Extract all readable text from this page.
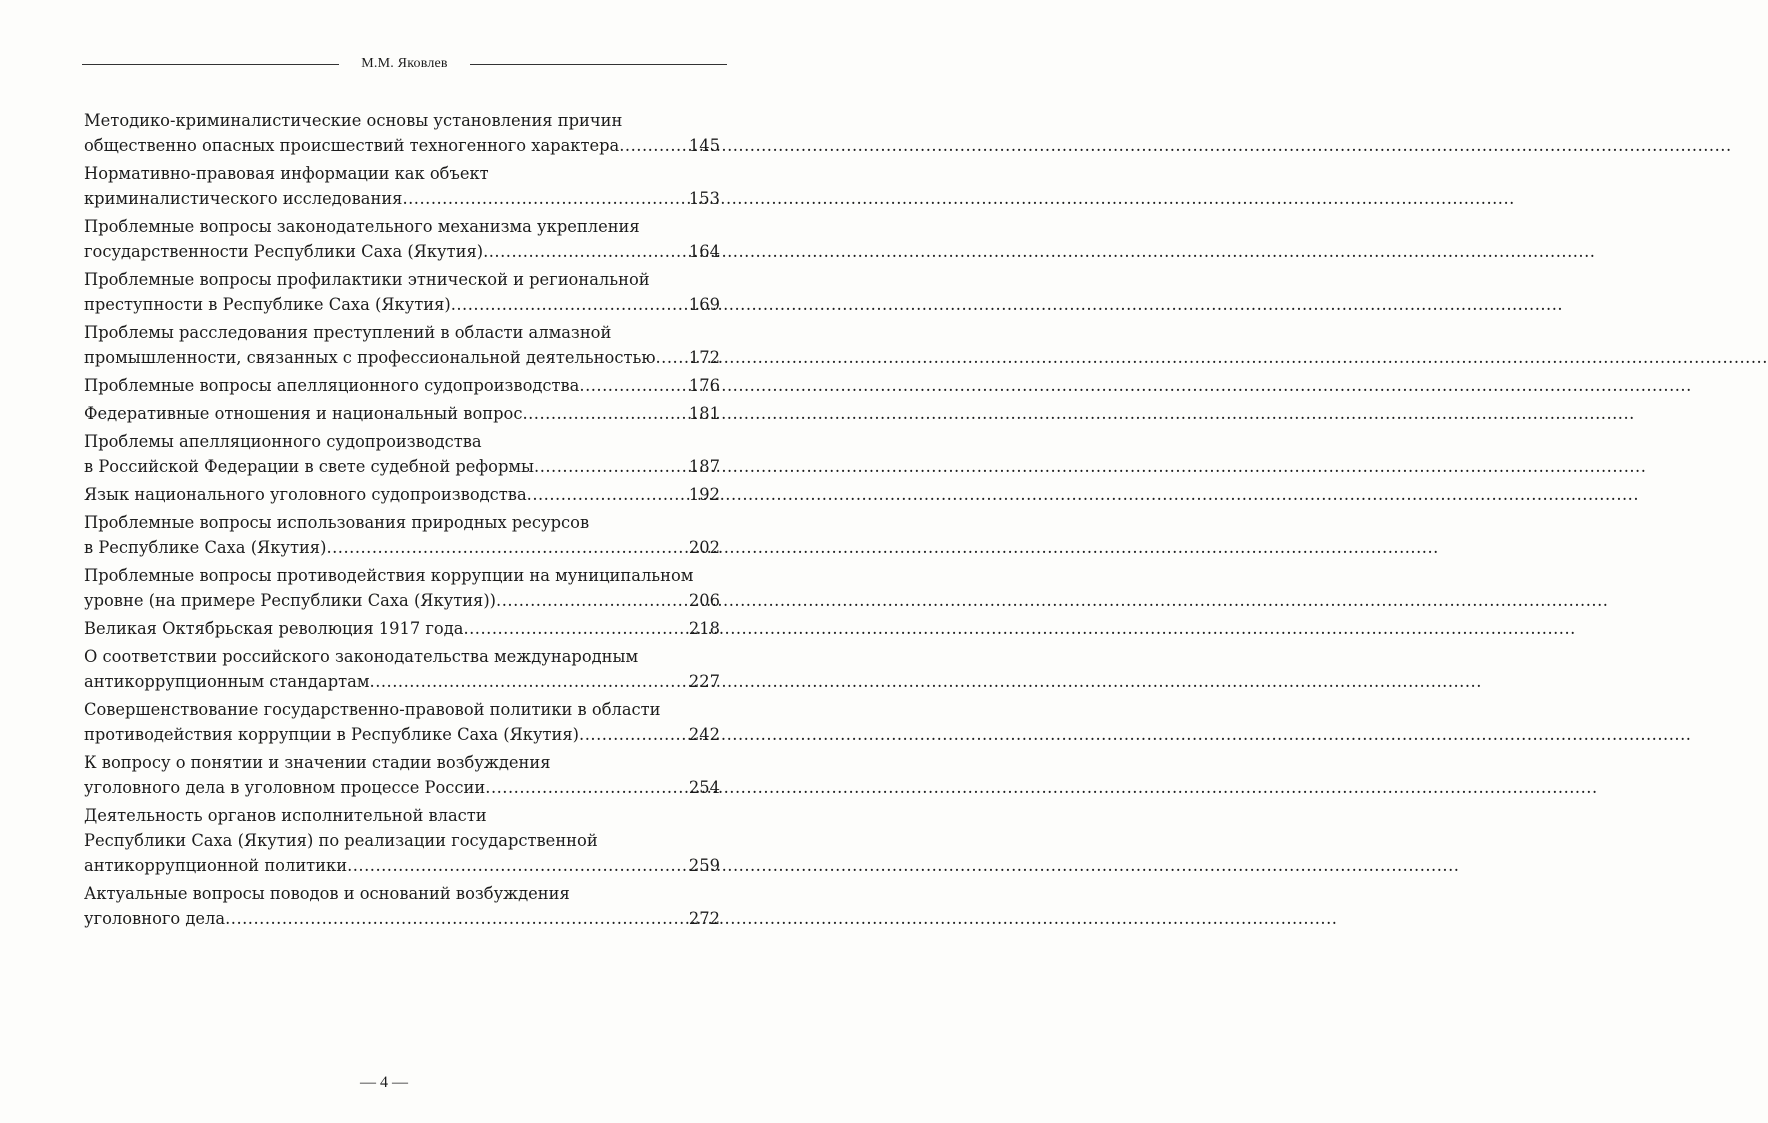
М.М. Яковлев
Методико-криминалистические основы установления причин
общественно опасных происшествий техногенного характера .....	145
Нормативно-правовая информации как объект
криминалистического исследования .....	153
Проблемные вопросы законодательного механизма укрепления
государственности Республики Саха (Якутия) .....	164
Проблемные вопросы профилактики этнической и региональной
преступности в Республике Саха (Якутия) .....	169
Проблемы расследования преступлений в области алмазной
промышленности, связанных с профессиональной деятельностью ..... 172
Проблемные вопросы апелляционного судопроизводства .....	176
Федеративные отношения и национальный вопрос .....	181
Проблемы апелляционного судопроизводства
в Российской Федерации в свете судебной реформы .....	187
Язык национального уголовного судопроизводства .....	192
Проблемные вопросы использования природных ресурсов
в Республике Саха (Якутия) .....	202
Проблемные вопросы противодействия коррупции на муниципальном
уровне (на примере Республики Саха (Якутия)) .....	206
Великая Октябрьская революция 1917 года .....	218
О соответствии российского законодательства международным
антикоррупционным стандартам .....	227
Совершенствование государственно-правовой политики в области
противодействия коррупции в Республике Саха (Якутия) .....	242
К вопросу о понятии и значении стадии возбуждения
уголовного дела в уголовном процессе России .....	254
Деятельность органов исполнительной власти
Республики Саха (Якутия) по реализации государственной
антикоррупционной политики .....	259
Актуальные вопросы поводов и оснований возбуждения
уголовного дела .....	272
— 4 —
